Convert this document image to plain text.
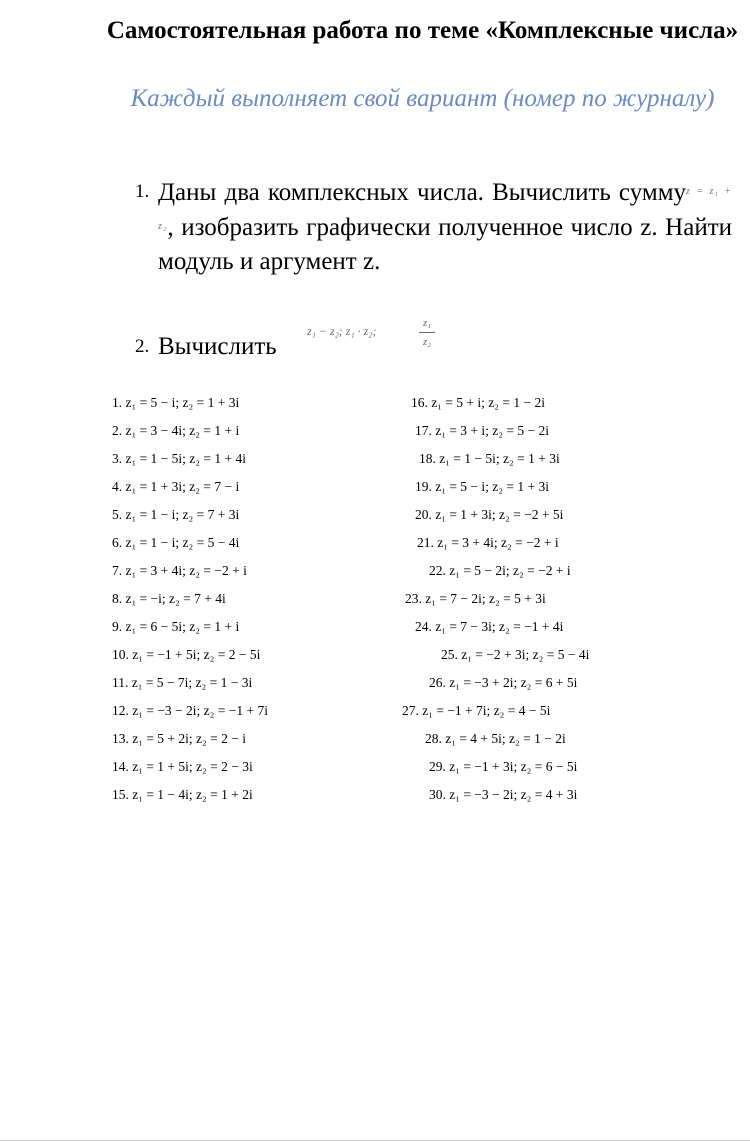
Самостоятельная работа по теме «Комплексные числа»
Каждый выполняет свой вариант (номер по журналу)
1. Даны два комплексных числа. Вычислить сумму$^{z = z_1 + z_2}$, изобразить графически полученное число z. Найти модуль и аргумент z.
2. Вычислить
z₁ − z₂; z₁ · z₂;
z₁
z₂
1. z₁ = 5 − i; z₂ = 1 + 3i
2. z₁ = 3 − 4i; z₂ = 1 + i
3. z₁ = 1 − 5i; z₂ = 1 + 4i
4. z₁ = 1 + 3i; z₂ = 7 − i
5. z₁ = 1 − i; z₂ = 7 + 3i
6. z₁ = 1 − i; z₂ = 5 − 4i
7. z₁ = 3 + 4i; z₂ = −2 + i
8. z₁ = −i; z₂ = 7 + 4i
9. z₁ = 6 − 5i; z₂ = 1 + i
10. z₁ = −1 + 5i; z₂ = 2 − 5i
11. z₁ = 5 − 7i; z₂ = 1 − 3i
12. z₁ = −3 − 2i; z₂ = −1 + 7i
13. z₁ = 5 + 2i; z₂ = 2 − i
14. z₁ = 1 + 5i; z₂ = 2 − 3i
15. z₁ = 1 − 4i; z₂ = 1 + 2i
16. z₁ = 5 + i; z₂ = 1 − 2i
17. z₁ = 3 + i; z₂ = 5 − 2i
18. z₁ = 1 − 5i; z₂ = 1 + 3i
19. z₁ = 5 − i; z₂ = 1 + 3i
20. z₁ = 1 + 3i; z₂ = −2 + 5i
21. z₁ = 3 + 4i; z₂ = −2 + i
22. z₁ = 5 − 2i; z₂ = −2 + i
23. z₁ = 7 − 2i; z₂ = 5 + 3i
24. z₁ = 7 − 3i; z₂ = −1 + 4i
25. z₁ = −2 + 3i; z₂ = 5 − 4i
26. z₁ = −3 + 2i; z₂ = 6 + 5i
27. z₁ = −1 + 7i; z₂ = 4 − 5i
28. z₁ = 4 + 5i; z₂ = 1 − 2i
29. z₁ = −1 + 3i; z₂ = 6 − 5i
30. z₁ = −3 − 2i; z₂ = 4 + 3i
